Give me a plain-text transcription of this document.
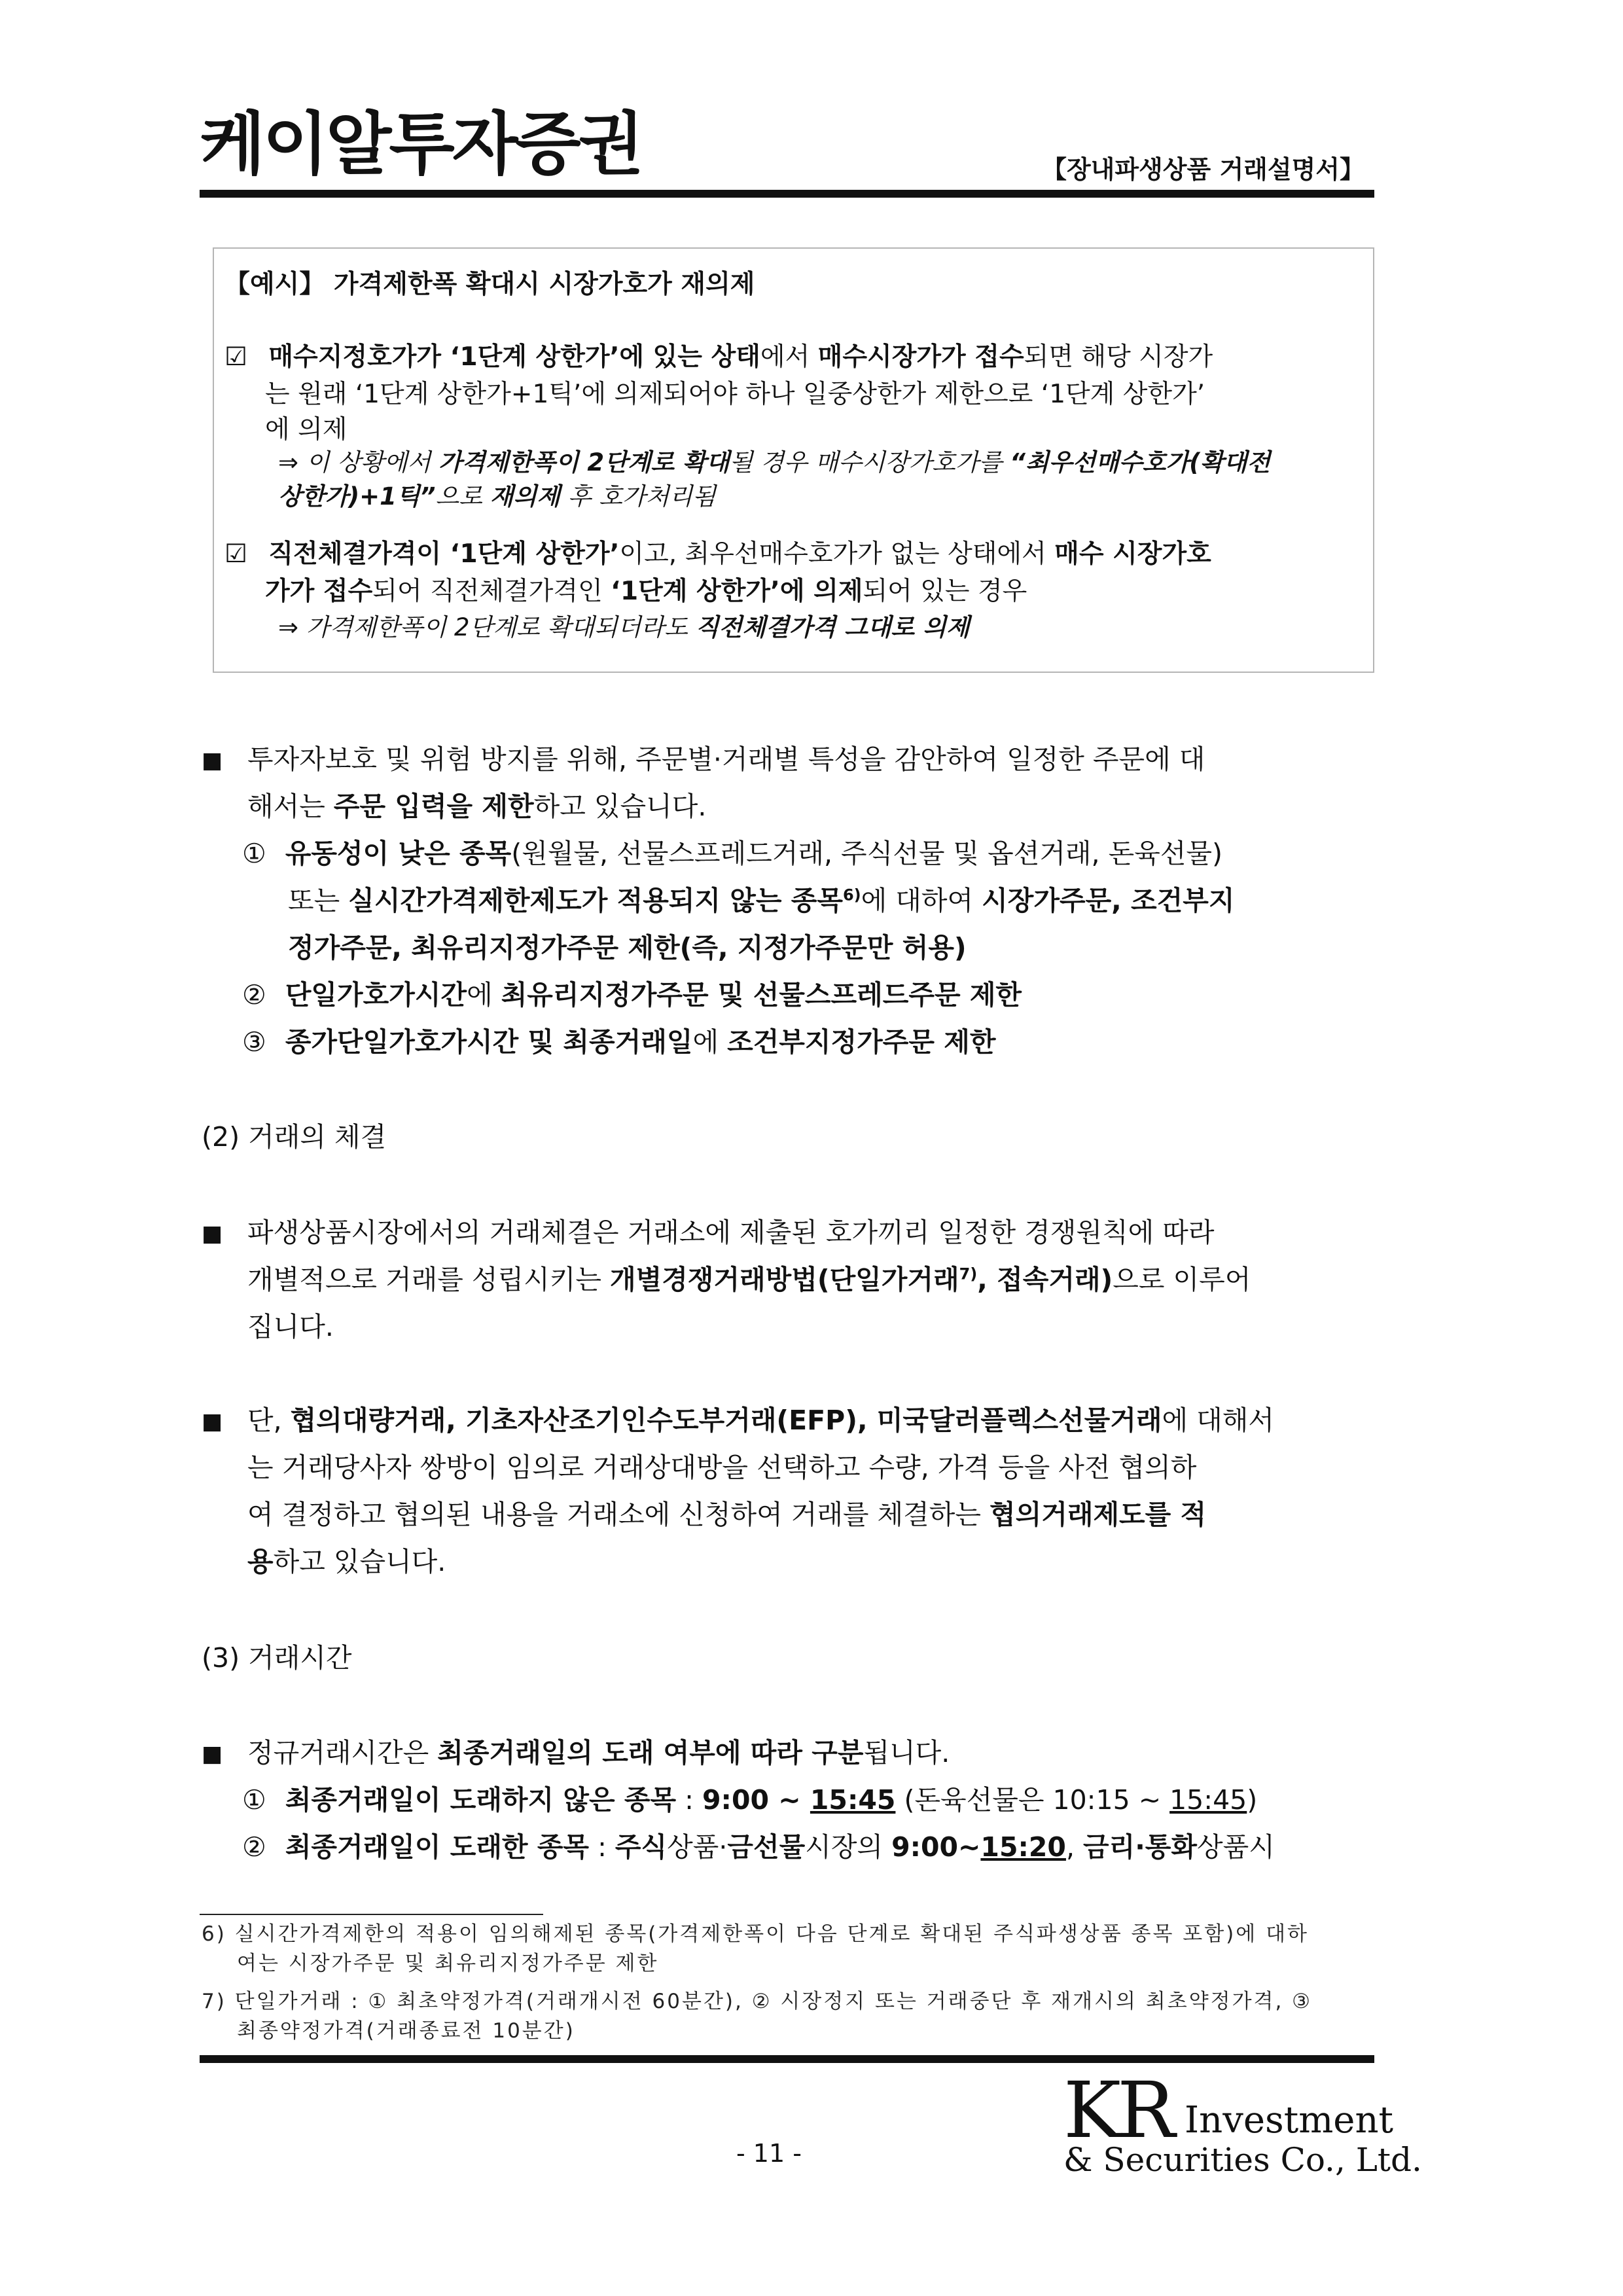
케이알투자증권	【장내파생상품 거래설명서】
【예시】 가격제한폭 확대시 시장가호가 재의제
☑ 매수지정호가가 ‘1단계 상한가’에 있는 상태에서 매수시장가가 접수되면 해당 시장가
는 원래 ‘1단계 상한가+1틱’에 의제되어야 하나 일중상한가 제한으로 ‘1단계 상한가’
에 의제
⇒ 이 상황에서 가격제한폭이 2단계로 확대될 경우 매수시장가호가를 “최우선매수호가(확대전
상한가)+1틱”으로 재의제 후 호가처리됨
☑ 직전체결가격이 ‘1단계 상한가’이고, 최우선매수호가가 없는 상태에서 매수 시장가호
가가 접수되어 직전체결가격인 ‘1단계 상한가’에 의제되어 있는 경우
⇒ 가격제한폭이 2단계로 확대되더라도 직전체결가격 그대로 의제
■ 투자자보호 및 위험 방지를 위해, 주문별·거래별 특성을 감안하여 일정한 주문에 대
해서는 주문 입력을 제한하고 있습니다.
① 유동성이 낮은 종목(원월물, 선물스프레드거래, 주식선물 및 옵션거래, 돈육선물)
또는 실시간가격제한제도가 적용되지 않는 종목$^{6)}$에 대하여 시장가주문, 조건부지
정가주문, 최유리지정가주문 제한(즉, 지정가주문만 허용)
② 단일가호가시간에 최유리지정가주문 및 선물스프레드주문 제한
③ 종가단일가호가시간 및 최종거래일에 조건부지정가주문 제한
(2) 거래의 체결
■ 파생상품시장에서의 거래체결은 거래소에 제출된 호가끼리 일정한 경쟁원칙에 따라
개별적으로 거래를 성립시키는 개별경쟁거래방법(단일가거래$^{7)}$, 접속거래)으로 이루어
집니다.
■ 단, 협의대량거래, 기초자산조기인수도부거래(EFP), 미국달러플렉스선물거래에 대해서
는 거래당사자 쌍방이 임의로 거래상대방을 선택하고 수량, 가격 등을 사전 협의하
여 결정하고 협의된 내용을 거래소에 신청하여 거래를 체결하는 협의거래제도를 적
용하고 있습니다.
(3) 거래시간
■ 정규거래시간은 최종거래일의 도래 여부에 따라 구분됩니다.
① 최종거래일이 도래하지 않은 종목 : 9:00 ~ 15:45 (돈육선물은 10:15 ~ 15:45)
② 최종거래일이 도래한 종목 : 주식상품·금선물시장의 9:00~15:20, 금리·통화상품시
6) 실시간가격제한의 적용이 임의해제된 종목(가격제한폭이 다음 단계로 확대된 주식파생상품 종목 포함)에 대하
여는 시장가주문 및 최유리지정가주문 제한
7) 단일가거래 : ① 최초약정가격(거래개시전 60분간), ② 시장정지 또는 거래중단 후 재개시의 최초약정가격, ③
최종약정가격(거래종료전 10분간)
- 11 -	KR Investment
& Securities Co., Ltd.
